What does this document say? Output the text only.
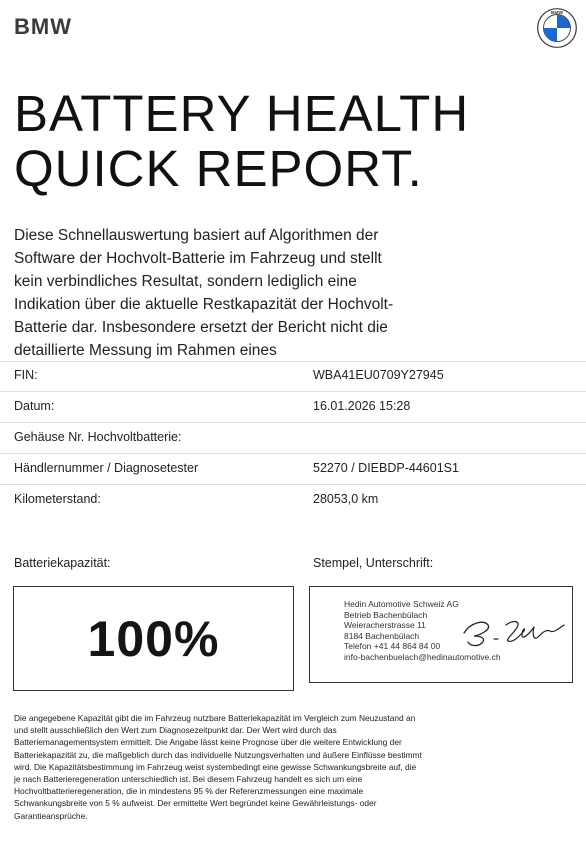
BMW
BMW
BATTERY HEALTH
QUICK REPORT.

Diese Schnellauswertung basiert auf Algorithmen der Software der Hochvolt-Batterie im Fahrzeug und stellt kein verbindliches Resultat, sondern lediglich eine Indikation über die aktuelle Restkapazität der Hochvolt-Batterie dar. Insbesondere ersetzt der Bericht nicht die detaillierte Messung im Rahmen eines

FIN:	WBA41EU0709Y27945
Datum:	16.01.2026 15:28
Gehäuse Nr. Hochvoltbatterie:
Händlernummer / Diagnosetester	52270 / DIEBDP-44601S1
Kilometerstand:	28053,0 km
Batteriekapazität:	Stempel, Unterschrift:
100%
Hedin Automotive Schweiz AG
Betrieb Bachenbülach
Weieracherstrasse 11
8184 Bachenbülach
Telefon +41 44 864 84 00
info-bachenbuelach@hedinautomotive.ch

Die angegebene Kapazität gibt die im Fahrzeug nutzbare Batteriekapazität im Vergleich zum Neuzustand an und stellt ausschließlich den Wert zum Diagnosezeitpunkt dar. Der Wert wird durch das Batteriemanagementsystem ermittelt. Die Angabe lässt keine Prognose über die weitere Entwicklung der Batteriekapazität zu, die maßgeblich durch das individuelle Nutzungsverhalten und äußere Einflüsse bestimmt wird. Die Kapazitätsbestimmung im Fahrzeug weist systembedingt eine gewisse Schwankungsbreite auf, die je nach Batterieregeneration unterschiedlich ist. Bei diesem Fahrzeug handelt es sich um eine Hochvoltbatterieregeneration, die in mindestens 95 % der Referenzmessungen eine maximale Schwankungsbreite von 5 % aufweist. Der ermittelte Wert begründet keine Gewährleistungs- oder Garantieansprüche.
